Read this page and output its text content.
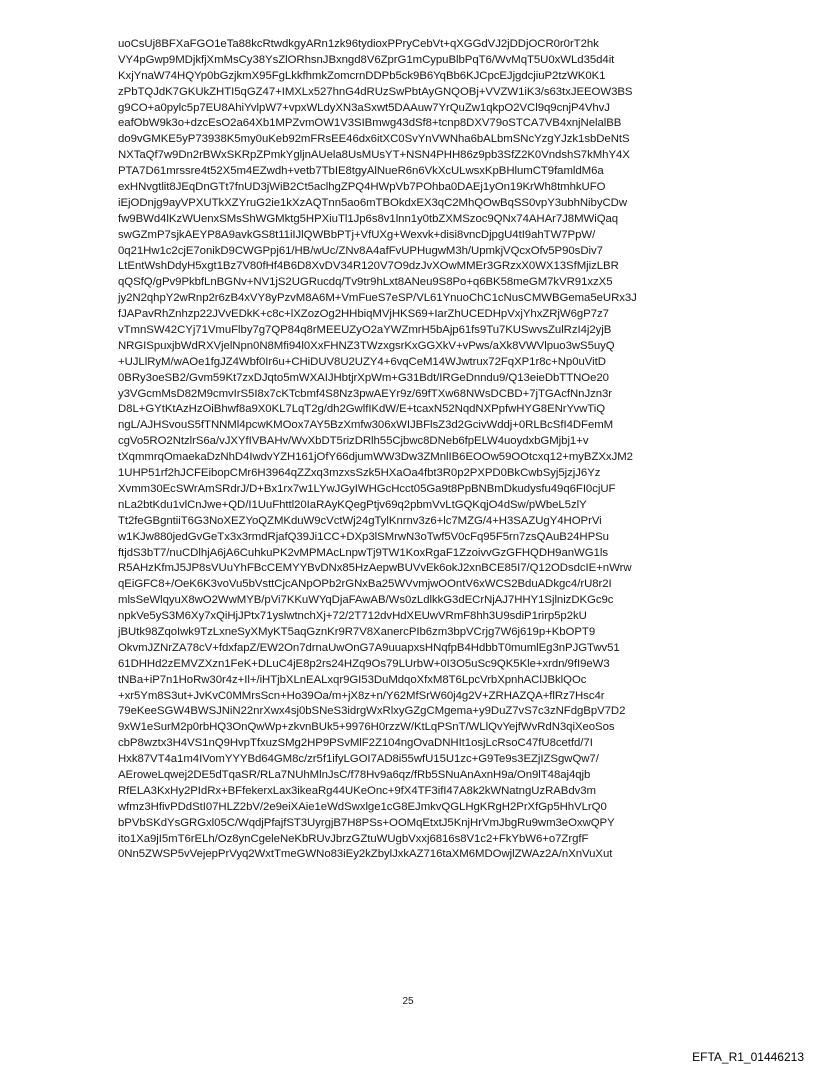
uoCsUj8BFXaFGO1eTa88kcRtwdkgyARn1zk96tydioxPPryCebVt+qXGGdVJ2jDDjOCR0r0rT2hk
VY4pGwp9MDjkfjXmMsCy38YsZlORhsnJBxngd8V6ZprG1mCypuBlbPqT6/WvMqT5U0xWLd35d4it
KxjYnaW74HQYp0bGzjkmX95FgLkkfhmkZomcrnDDPb5ck9B6YqBb6KJCpcEJjgdcjiuP2tzWK0K1
zPbTQJdK7GKUkZHTI5qGZ47+IMXLx527hnG4dRUzSwPbtAyGNQOBj+VVZW1iK3/s63txJEEOW3BS
g9CO+a0pylc5p7EU8AhiYvlpW7+vpxWLdyXN3aSxwt5DAAuw7YrQuZw1qkpO2VCl9q9cnjP4VhvJ
eafObW9k3o+dzcEsO2a64Xb1MPZvmOW1V3SIBmwg43dSf8+tcnp8DXV79oSTCA7VB4xnjNelalBB
do9vGMKE5yP73938K5my0uKeb92mFRsEE46dx6itXC0SvYnVWNha6bALbmSNcYzgYJzk1sbDeNtS
NXTaQf7w9Dn2rBWxSKRpZPmkYgljnAUela8UsMUsYT+NSN4PHH86z9pb3SfZ2K0VndshS7kMhY4X
PTA7D61mrssre4t52X5m4EZwdh+vetb7TbIE8tgyAlNueR6n6VkXcULwsxKpBHlumCT9famldM6a
exHNvgtlit8JEqDnGTt7fnUD3jWiB2Ct5aclhgZPQ4HWpVb7POhba0DAEj1yOn19KrWh8tmhkUFO
iEjODnjg9ayVPXUTkXZYruG2ie1kXzAQTnn5ao6mTBOkdxEX3qC2MhQOwBqSS0vpY3ubhNibyCDw
fw9BWd4lKzWUenxSMsShWGMktg5HPXiuTl1Jp6s8v1lnn1y0tbZXMSzoc9QNx74AHAr7J8MWiQaq
swGZmP7sjkAEYP8A9avkGS8t11iIJlQWBbPTj+VfUXg+Wexvk+disi8vncDjpgU4tI9ahTW7PpW/
0q21Hw1c2cjE7onikD9CWGPpj61/HB/wUc/ZNv8A4afFvUPHugwM3h/UpmkjVQcxOfv5P90sDiv7
LtEntWshDdyH5xgt1Bz7V80fHf4B6D8XvDV34R120V7O9dzJvXOwMMEr3GRzxX0WX13SfMjizLBR
qQSfQ/gPv9PkbfLnBGNv+NV1jS2UGRucdq/Tv9tr9hLxt8ANeu9S8Po+q6BK58meGM7kVR91xzX5
jy2N2qhpY2wRnp2r6zB4xVY8yPzvM8A6M+VmFueS7eSP/VL61YnuoChC1cNusCMWBGema5eURx3J
fJAPavRhZnhzp22JVvEDkK+c8c+lXZozOg2HHbiqMVjHKS69+IarZhUCEDHpVxjYhxZRjW6gP7z7
vTmnSW42CYj71VmuFlby7g7QP84q8rMEEUZyO2aYWZmrH5bAjp61fs9Tu7KUSwvsZulRzI4j2yjB
NRGISpuxjbWdRXVjelNpn0N8Mfi94l0XxFHNZ3TWzxgsrKxGGXkV+vPws/aXk8VWVlpuo3wS5uyQ
+UJLlRyM/wAOe1fgJZ4Wbf0Ir6u+CHiDUV8U2UZY4+6vqCeM14WJwtrux72FqXP1r8c+Np0uVitD
0BRy3oeSB2/Gvm59Kt7zxDJqto5mWXAIJHbtjrXpWm+G31Bdt/IRGeDnndu9/Q13eieDbTTNOe20
y3VGcmMsD82M9cmvIrS5I8x7cKTcbmf4S8Nz3pwAEYr9z/69fTXw68NWsDCBD+7jTGAcfNnJzn3r
D8L+GYtKtAzHzOiBhwf8a9X0KL7LqT2g/dh2GwlfIKdW/E+tcaxN52NqdNXPpfwHYG8ENrYvwTiQ
ngL/AJHSvouS5fTNNMl4pcwKMOox7AY5BzXmfw306xWIJBFlsZ3d2GcivWddj+0RLBcSfI4DFemM
cgVo5RO2NtzlrS6a/vJXYfIVBAHv/WvXbDT5rizDRlh55Cjbwc8DNeb6fpELW4uoydxbGMjbj1+v
tXqmmrqOmaekaDzNhD4IwdvYZH161jOfY66djumWW3Dw3ZMnlIB6EOOw59OOtcxq12+myBZXxJM2
1UHP51rf2hJCFEibopCMr6H3964qZZxq3mzxsSzk5HXaOa4fbt3R0p2PXPD0BkCwbSyj5jzjJ6Yz
Xvmm30EcSWrAmSRdrJ/D+Bx1rx7w1LYwJGyIWHGcHcct05Ga9t8PpBNBmDkudysfu49q6FI0cjUF
nLa2btKdu1vlCnJwe+QD/I1UuFhttl20IaRAyKQegPtjv69q2pbmVvLtGQKqjO4dSw/pWbeL5zlY
Tt2feGBgntiiT6G3NoXEZYoQZMKduW9cVctWj24gTylKnrnv3z6+lc7MZG/4+H3SAZUgY4HOPrVi
w1KJw880jedGvGeTx3x3rmdRjafQ39Ji1CC+DXp3lSMrwN3oTwf5V0cFq95F5rn7zsQAuB24HPSu
ftjdS3bT7/nuCDlhjA6jA6CuhkuPK2vMPMAcLnpwTj9TW1KoxRgaF1ZzoivvGzGFHQDH9anWG1ls
R5AHzKfmJ5JP8sVUuYhFBcCEMYYBvDNx85HzAepwBUVvEk6okJ2xnBCE85I7/Q12ODsdcIE+nWrw
qEiGFC8+/OeK6K3voVu5bVsttCjcANpOPb2rGNxBa25WVvmjwOOntV6xWCS2BduADkgc4/rU8r2I
mlsSeWlqyuX8wO2WwMYB/pVi7KKuWYqDjaFAwAB/Ws0zLdlkkG3dECrNjAJ7HHY1SjlnizDKGc9c
npkVe5yS3M6Xy7xQiHjJPtx71yslwtnchXj+72/2T712dvHdXEUwVRmF8hh3U9sdiP1rirp5p2kU
jBUtk98ZqoIwk9TzLxneSyXMyKT5aqGznKr9R7V8XanercPIb6zm3bpVCrjg7W6j619p+KbOPT9
OkvmJZNrZA78cV+fdxfapZ/EW2On7drnaUwOnG7A9uuapxsHNqfpB4HdbbT0mumlEg3nPJGTwv51
61DHHd2zEMVZXzn1FeK+DLuC4jE8p2rs24HZq9Os79LUrbW+0I3O5uSc9QK5Kle+xrdn/9fI9eW3
tNBa+iP7n1HoRw30r4z+Il+/iHTjbXLnEALxqr9GI53DuMdqoXfxM8T6LpcVrbXpnhAClJBklQOc
+xr5Ym8S3ut+JvKvC0MMrsScn+Ho39Oa/m+jX8z+n/Y62MfSrW60j4g2V+ZRHAZQA+flRz7Hsc4r
79eKeeSGW4BWSJNiN22nrXwx4sj0bSNeS3idrgWxRlxyGZgCMgema+y9DuZ7vS7c3zNFdgBpV7D2
9xW1eSurM2p0rbHQ3OnQwWp+zkvnBUk5+9976H0rzzW/KtLqPSnT/WLlQvYejfWvRdN3qiXeoSos
cbP8wztx3H4VS1nQ9HvpTfxuzSMg2HP9PSvMlF2Z104ngOvaDNHIt1osjLcRsoC47fU8cetfd/7I
Hxk87VT4a1m4IVomYYYBd64GM8c/zr5f1ifyLGOI7AD8i55wfU15U1zc+G9Te9s3EZjIZSgwQw7/
AEroweLqwej2DE5dTqaSR/RLa7NUhMlnJsC/f78Hv9a6qz/fRb5SNuAnAxnH9a/On9lT48aj4qjb
RfELA3KxHy2PIdRx+BFfekerxLax3ikeaRg44UKeOnc+9fX4TF3ifI47A8k2kWNatngUzRABdv3m
wfmz3HfivPDdStI07HLZ2bV/2e9eiXAie1eWdSwxlge1cG8EJmkvQGLHgKRgH2PrXfGp5HhVLrQ0
bPVbSKdYsGRGxl05C/WqdjPfajfST3UyrgjB7H8PSs+OOMqEtxtJ5KnjHrVmJbgRu9wm3eOxwQPY
ito1Xa9jI5mT6rELh/Oz8ynCgeleNeKbRUvJbrzGZtuWUgbVxxj6816s8V1c2+FkYbW6+o7ZrgfF
0Nn5ZWSP5vVejepPrVyq2WxtTmeGWNo83iEy2kZbylJxkAZ716taXM6MDOwjlZWAz2A/nXnVuXut
25
EFTA_R1_01446213
